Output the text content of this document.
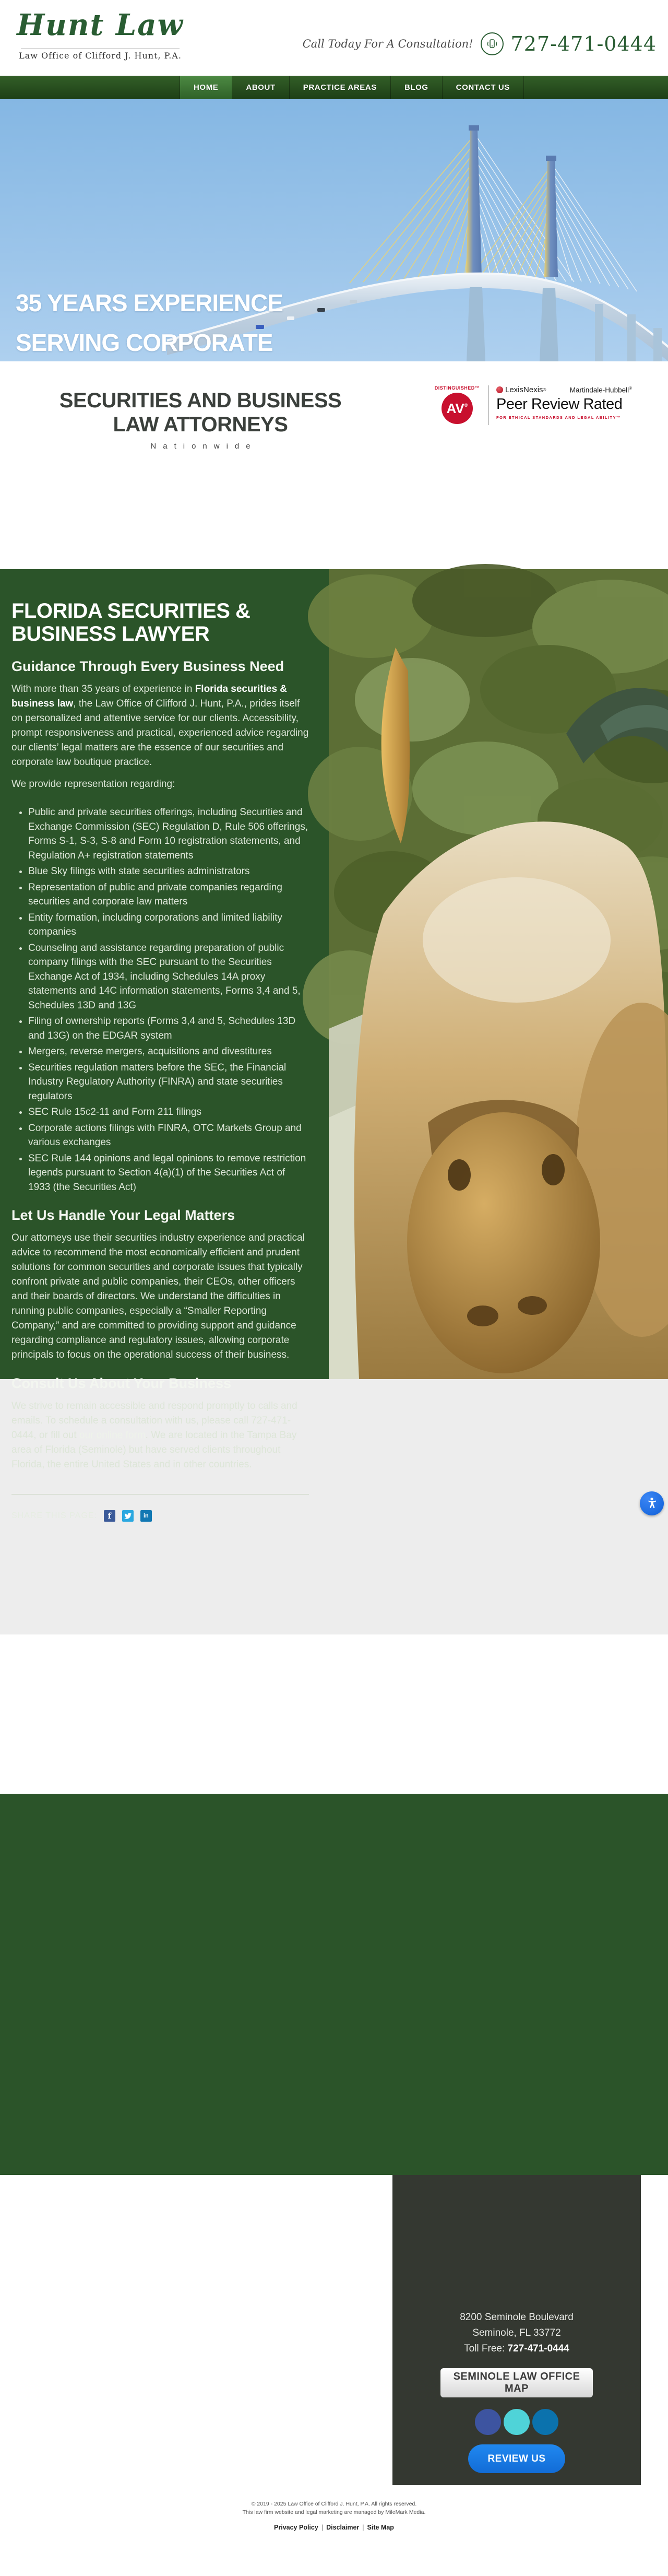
Hunt Law
Law Office of Clifford J. Hunt, P.A.
Call Today For A Consultation! 727-471-0444
HOME	ABOUT	PRACTICE AREAS	BLOG	CONTACT US
35 YEARS EXPERIENCE
SERVING CORPORATE
SECURITIES AND BUSINESS
LAW ATTORNEYS
Nationwide
DISTINGUISHED™
AV®
LexisNexis ®	Martindale-Hubbell®
Peer Review Rated
FOR ETHICAL STANDARDS AND LEGAL ABILITY™
FLORIDA SECURITIES & BUSINESS LAWYER
Guidance Through Every Business Need

With more than 35 years of experience in Florida securities & business law, the Law Office of Clifford J. Hunt, P.A., prides itself on personalized and attentive service for our clients. Accessibility, prompt responsiveness and practical, experienced advice regarding our clients’ legal matters are the essence of our securities and corporate law boutique practice.

We provide representation regarding:

• Public and private securities offerings, including Securities and Exchange Commission (SEC) Regulation D, Rule 506 offerings, Forms S-1, S-3, S-8 and Form 10 registration statements, and Regulation A+ registration statements
• Blue Sky filings with state securities administrators
• Representation of public and private companies regarding securities and corporate law matters
• Entity formation, including corporations and limited liability companies
• Counseling and assistance regarding preparation of public company filings with the SEC pursuant to the Securities Exchange Act of 1934, including Schedules 14A proxy statements and 14C information statements, Forms 3,4 and 5, Schedules 13D and 13G
• Filing of ownership reports (Forms 3,4 and 5, Schedules 13D and 13G) on the EDGAR system
• Mergers, reverse mergers, acquisitions and divestitures
• Securities regulation matters before the SEC, the Financial Industry Regulatory Authority (FINRA) and state securities regulators
• SEC Rule 15c2-11 and Form 211 filings
• Corporate actions filings with FINRA, OTC Markets Group and various exchanges
• SEC Rule 144 opinions and legal opinions to remove restriction legends pursuant to Section 4(a)(1) of the Securities Act of 1933 (the Securities Act)
Let Us Handle Your Legal Matters

Our attorneys use their securities industry experience and practical advice to recommend the most economically efficient and prudent solutions for common securities and corporate issues that typically confront private and public companies, their CEOs, other officers and their boards of directors. We understand the difficulties in running public companies, especially a “Smaller Reporting Company,” and are committed to providing support and guidance regarding compliance and regulatory issues, allowing corporate principals to focus on the operational success of their business.

Consult Us About Your Business

We strive to remain accessible and respond promptly to calls and emails. To schedule a consultation with us, please call 727-471-0444, or fill out our online form. We are located in the Tampa Bay area of Florida (Seminole) but have served clients throughout Florida, the entire United States and in other countries.

SHARE THIS PAGE:	f	in
8200 Seminole Boulevard
Seminole, FL 33772
Toll Free: 727-471-0444
SEMINOLE LAW OFFICE MAP
REVIEW US
© 2019 - 2025 Law Office of Clifford J. Hunt, P.A. All rights reserved.
This law firm website and legal marketing are managed by MileMark Media.
Privacy Policy | Disclaimer | Site Map
